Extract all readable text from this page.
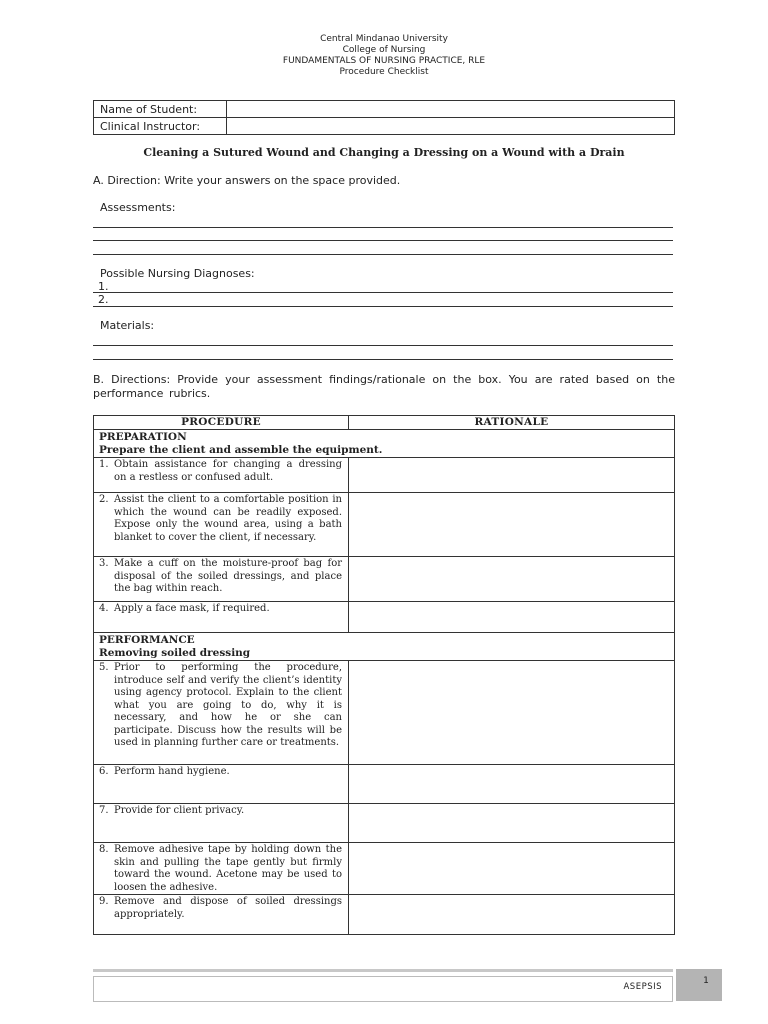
Central Mindanao University
College of Nursing
FUNDAMENTALS OF NURSING PRACTICE, RLE
Procedure Checklist
Name of Student:	
Clinical Instructor:	
Cleaning a Sutured Wound and Changing a Dressing on a Wound with a Drain
A. Direction: Write your answers on the space provided.
Assessments:
Possible Nursing Diagnoses:
1.
2.
Materials:
B. Directions: Provide your assessment findings/rationale on the box. You are rated based on the performance rubrics.
PROCEDURE	RATIONALE

PREPARATION
Prepare the client and assemble the equipment.	

1. Obtain assistance for changing a dressing on a restless or confused adult.	

2. Assist the client to a comfortable position in which the wound can be readily exposed. Expose only the wound area, using a bath blanket to cover the client, if necessary.	

3. Make a cuff on the moisture-proof bag for disposal of the soiled dressings, and place the bag within reach.	

4. Apply a face mask, if required.	

PERFORMANCE
Removing soiled dressing	

5. Prior to performing the procedure, introduce self and verify the client’s identity using agency protocol. Explain to the client what you are going to do, why it is necessary, and how he or she can participate. Discuss how the results will be used in planning further care or treatments.	

6. Perform hand hygiene.	

7. Provide for client privacy.	

8. Remove adhesive tape by holding down the skin and pulling the tape gently but firmly toward the wound. Acetone may be used to loosen the adhesive.	

9. Remove and dispose of soiled dressings appropriately.	

ASEPSIS
1
